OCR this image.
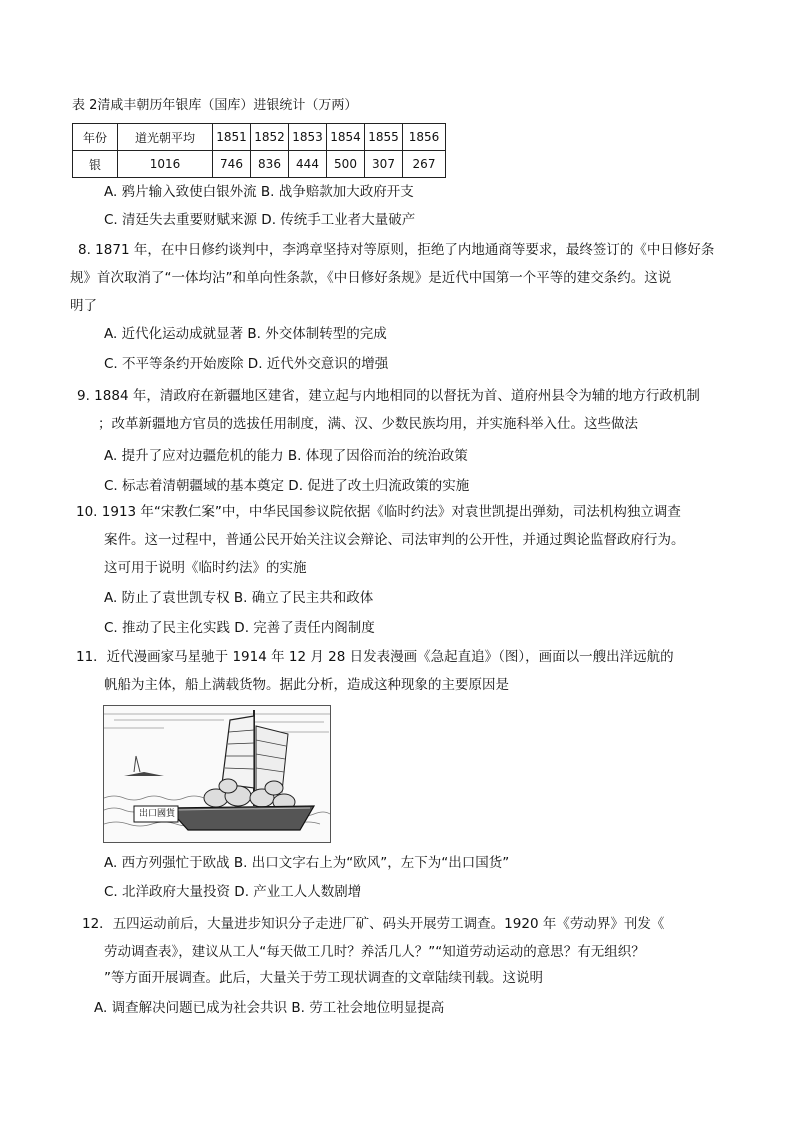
表 2清咸丰朝历年银库（国库）进银统计（万两）
年份	道光朝平均	1851	1852	1853	1854	1855	1856
银	1016	746	836	444	500	307	267
A. 鸦片输入致使白银外流 B. 战争赔款加大政府开支
C. 清廷失去重要财赋来源 D. 传统手工业者大量破产
8. 1871 年，在中日修约谈判中，李鸿章坚持对等原则，拒绝了内地通商等要求，最终签订的《中日修好条
规》首次取消了“一体均沾”和单向性条款，《中日修好条规》是近代中国第一个平等的建交条约。这说
明了
A. 近代化运动成就显著 B. 外交体制转型的完成
C. 不平等条约开始废除 D. 近代外交意识的增强
9. 1884 年，清政府在新疆地区建省，建立起与内地相同的以督抚为首、道府州县令为辅的地方行政机制
；改革新疆地方官员的选拔任用制度，满、汉、少数民族均用，并实施科举入仕。这些做法
A. 提升了应对边疆危机的能力 B. 体现了因俗而治的统治政策
C. 标志着清朝疆域的基本奠定 D. 促进了改土归流政策的实施
10. 1913 年“宋教仁案”中，中华民国参议院依据《临时约法》对袁世凯提出弹劾，司法机构独立调查
案件。这一过程中，普通公民开始关注议会辩论、司法审判的公开性，并通过舆论监督政府行为。
这可用于说明《临时约法》的实施
A. 防止了袁世凯专权 B. 确立了民主共和政体
C. 推动了民主化实践 D. 完善了责任内阁制度
11．近代漫画家马星驰于 1914 年 12 月 28 日发表漫画《急起直追》（图），画面以一艘出洋远航的
帆船为主体，船上满载货物。据此分析，造成这种现象的主要原因是
出口國貨
A. 西方列强忙于欧战 B. 出口文字右上为“欧风”，左下为“出口国货”
C. 北洋政府大量投资 D. 产业工人人数剧增
12．五四运动前后，大量进步知识分子走进厂矿、码头开展劳工调查。1920 年《劳动界》刊发《
劳动调查表》，建议从工人“每天做工几时？养活几人？”“知道劳动运动的意思？有无组织？
”等方面开展调查。此后，大量关于劳工现状调查的文章陆续刊载。这说明
A. 调查解决问题已成为社会共识 B. 劳工社会地位明显提高
